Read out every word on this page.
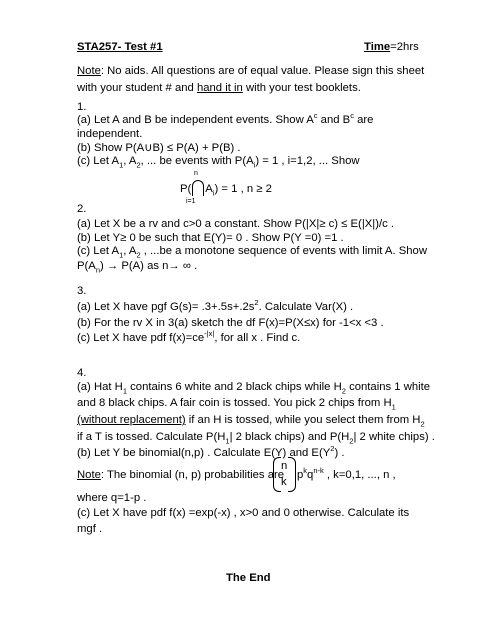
STA257- Test #1	Time=2hrs
Note: No aids. All questions are of equal value. Please sign this sheet
with your student # and hand it in with your test booklets.
1.
(a) Let A and B be independent events. Show $A^c$ and $B^c$ are
independent.
(b) Show P(A∪B) ≤ P(A) + P(B) .
(c) Let $A_1$, $A_2$, ... be events with $P(A_i) = 1$ , i=1,2, ... Show
n
P( $A_i) = 1$ , n ≥ 2
i=1
2.
(a) Let X be a rv and c>0 a constant. Show P(|X|≥ c) ≤ E(|X|)/c .
(b) Let Y≥ 0 be such that E(Y)= 0 . Show P(Y =0) =1 .
(c) Let $A_1$, $A_2$ , ...be a monotone sequence of events with limit A. Show
$P(A_n) \to P(A)$ as n→ ∞ .
3.
(a) Let X have pgf $G(s)= .3+.5s+.2s^2$. Calculate Var(X) .
(b) For the rv X in 3(a) sketch the df F(x)=P(X≤x) for -1<x <3 .
(c) Let X have pdf $f(x)=ce^{-|x|}$, for all x . Find c.
4.
(a) Hat $H_1$ contains 6 white and 2 black chips while $H_2$ contains 1 white
and 8 black chips. A fair coin is tossed. You pick 2 chips from $H_1$
(without replacement) if an H is tossed, while you select them from $H_2$
if a T is tossed. Calculate $P(H_1|$ 2 black chips) and $P(H_2|$ 2 white chips) .
(b) Let Y be binomial(n,p) . Calculate E(Y) and $E(Y^2)$ .
n
k
Note: The binomial (n, p) probabilities are $p^kq^{n-k}$ , k=0,1, ..., n ,
where q=1-p .
(c) Let X have pdf f(x) =exp(-x) , x>0 and 0 otherwise. Calculate its
mgf .
The End
